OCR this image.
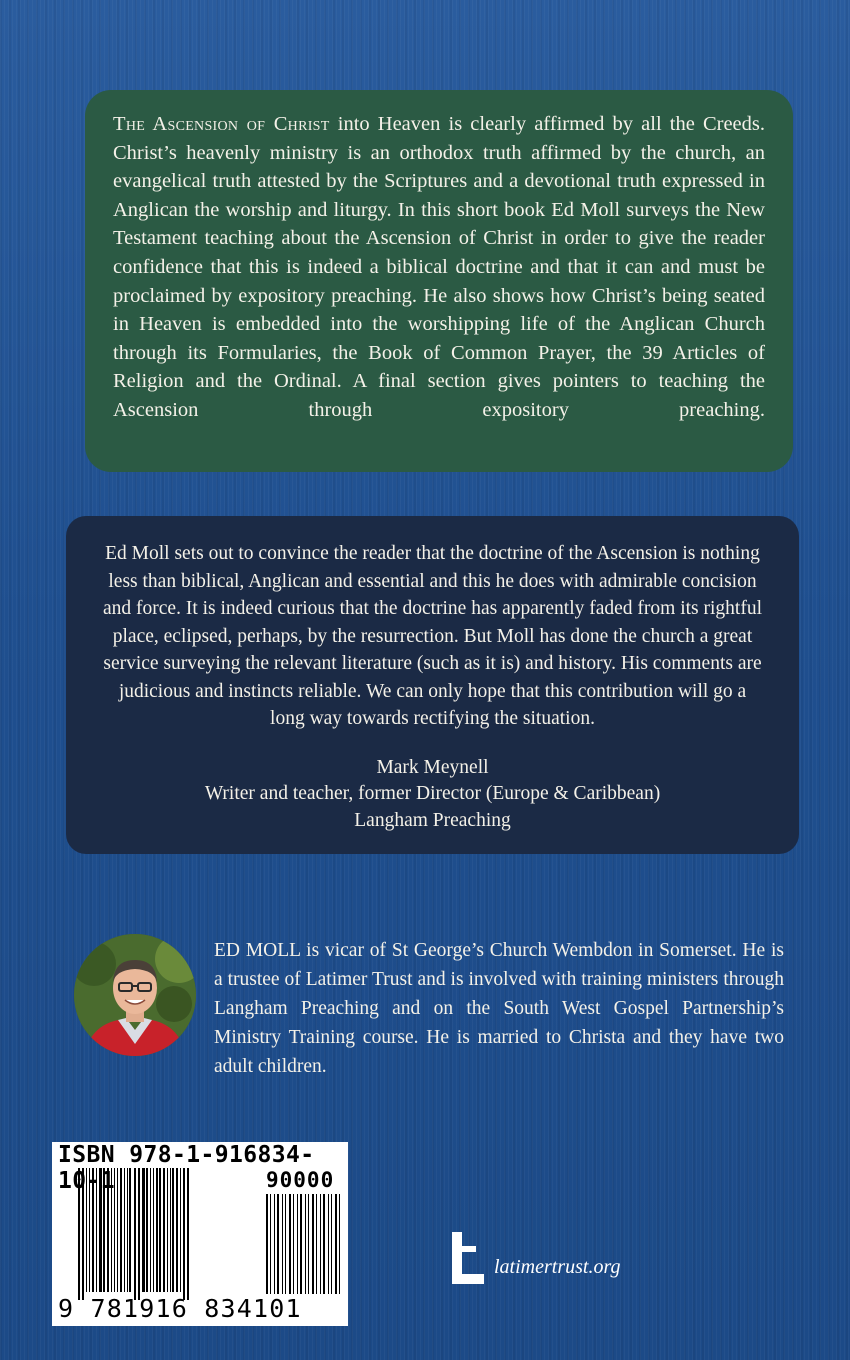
The Ascension of Christ into Heaven is clearly affirmed by all the Creeds. Christ’s heavenly ministry is an orthodox truth affirmed by the church, an evangelical truth attested by the Scriptures and a devotional truth expressed in Anglican the worship and liturgy. In this short book Ed Moll surveys the New Testament teaching about the Ascension of Christ in order to give the reader confidence that this is indeed a biblical doctrine and that it can and must be proclaimed by expository preaching. He also shows how Christ’s being seated in Heaven is embedded into the worshipping life of the Anglican Church through its Formularies, the Book of Common Prayer, the 39 Articles of Religion and the Ordinal. A final section gives pointers to teaching the Ascension through expository preaching.
Ed Moll sets out to convince the reader that the doctrine of the Ascension is nothing less than biblical, Anglican and essential and this he does with admirable concision and force. It is indeed curious that the doctrine has apparently faded from its rightful place, eclipsed, perhaps, by the resurrection. But Moll has done the church a great service surveying the relevant literature (such as it is) and history. His comments are judicious and instincts reliable. We can only hope that this contribution will go a long way towards rectifying the situation.
Mark Meynell
Writer and teacher, former Director (Europe & Caribbean)
Langham Preaching
ED MOLL is vicar of St George’s Church Wembdon in Somerset. He is a trustee of Latimer Trust and is involved with training ministers through Langham Preaching and on the South West Gospel Partnership’s Ministry Training course. He is married to Christa and they have two adult children.
ISBN 978-1-916834-10-1	90000
9 781916 834101
latimertrust.org
